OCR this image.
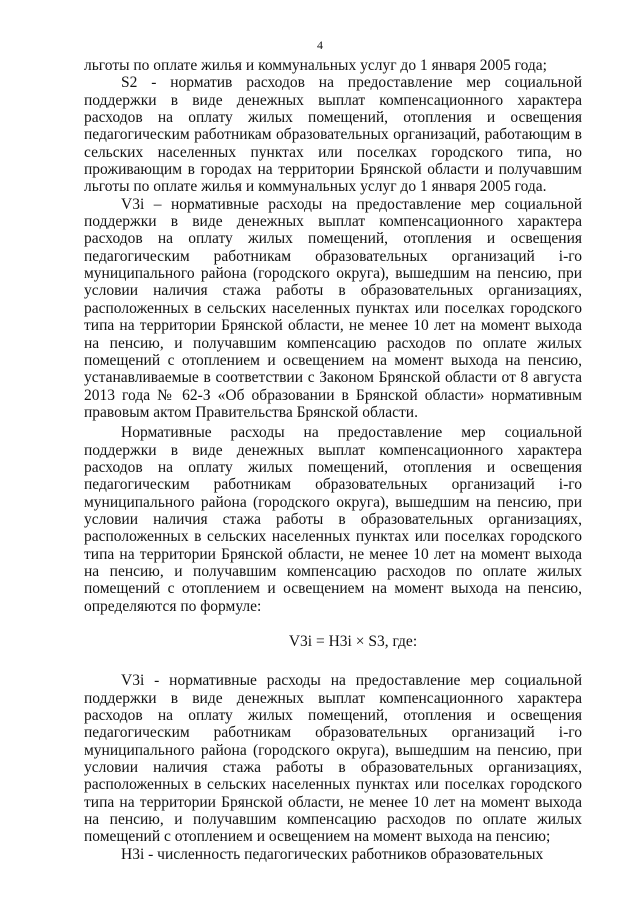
4

льготы по оплате жилья и коммунальных услуг до 1 января 2005 года;

S2 - норматив расходов на предоставление мер социальной поддержки в виде денежных выплат компенсационного характера расходов на оплату жилых помещений, отопления и освещения педагогическим работникам образовательных организаций, работающим в сельских населенных пунктах или поселках городского типа, но проживающим в городах на территории Брянской области и получавшим льготы по оплате жилья и коммунальных услуг до 1 января 2005 года.

V3i – нормативные расходы на предоставление мер социальной поддержки в виде денежных выплат компенсационного характера расходов на оплату жилых помещений, отопления и освещения педагогическим работникам образовательных организаций i-го муниципального района (городского округа), вышедшим на пенсию, при условии наличия стажа работы в образовательных организациях, расположенных в сельских населенных пунктах или поселках городского типа на территории Брянской области, не менее 10 лет на момент выхода на пенсию, и получавшим компенсацию расходов по оплате жилых помещений с отоплением и освещением на момент выхода на пенсию, устанавливаемые в соответствии с Законом Брянской области от 8 августа 2013 года № 62-З «Об образовании в Брянской области» нормативным правовым актом Правительства Брянской области.

Нормативные расходы на предоставление мер социальной поддержки в виде денежных выплат компенсационного характера расходов на оплату жилых помещений, отопления и освещения педагогическим работникам образовательных организаций i-го муниципального района (городского округа), вышедшим на пенсию, при условии наличия стажа работы в образовательных организациях, расположенных в сельских населенных пунктах или поселках городского типа на территории Брянской области, не менее 10 лет на момент выхода на пенсию, и получавшим компенсацию расходов по оплате жилых помещений с отоплением и освещением на момент выхода на пенсию, определяются по формуле:

V3i = Н3i × S3, где:

V3i - нормативные расходы на предоставление мер социальной поддержки в виде денежных выплат компенсационного характера расходов на оплату жилых помещений, отопления и освещения педагогическим работникам образовательных организаций i-го муниципального района (городского округа), вышедшим на пенсию, при условии наличия стажа работы в образовательных организациях, расположенных в сельских населенных пунктах или поселках городского типа на территории Брянской области, не менее 10 лет на момент выхода на пенсию, и получавшим компенсацию расходов по оплате жилых помещений с отоплением и освещением на момент выхода на пенсию;

Н3i - численность педагогических работников образовательных
